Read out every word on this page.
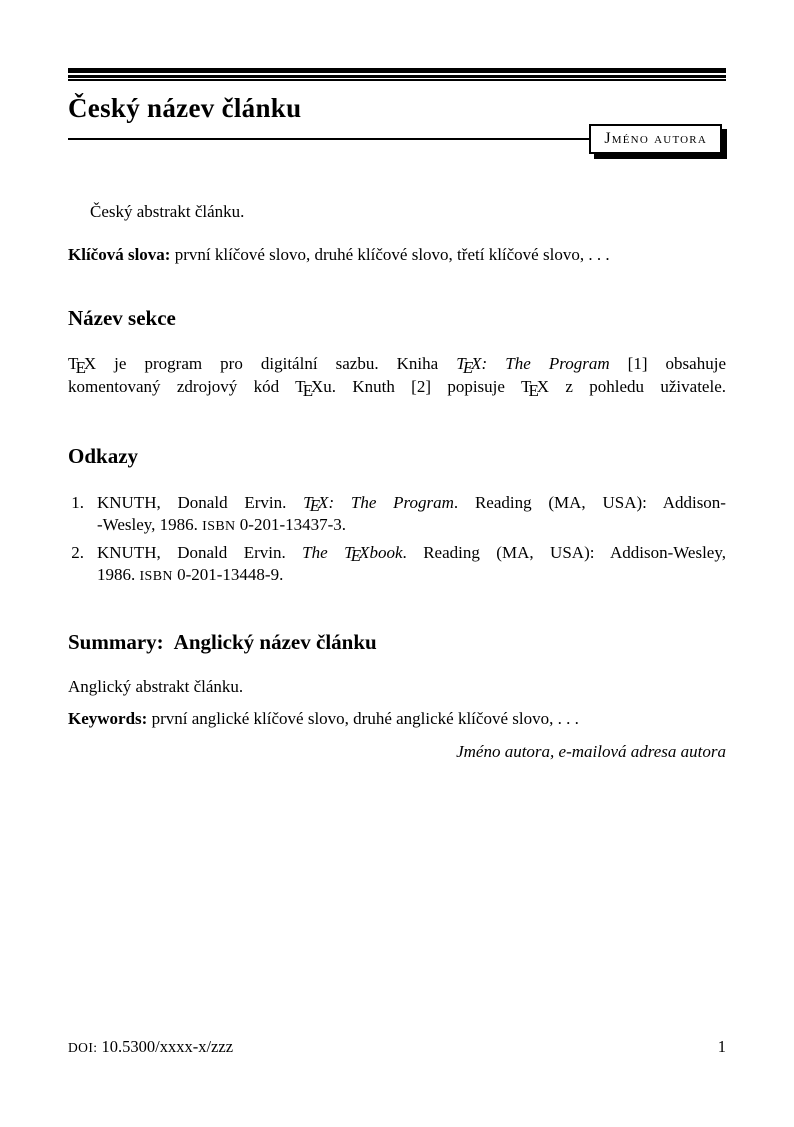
Český název článku
Jméno autora

Český abstrakt článku.

Klíčová slova: první klíčové slovo, druhé klíčové slovo, třetí klíčové slovo, . . .

Název sekce
TEX je program pro digitální sazbu. Kniha TEX: The Program [1] obsahuje
komentovaný zdrojový kód TEXu. Knuth [2] popisuje TEX z pohledu uživatele.
Odkazy
1. KNUTH, Donald Ervin. TEX: The Program. Reading (MA, USA): Addison-
-Wesley, 1986. ISBN 0-201-13437-3.
2. KNUTH, Donald Ervin. The TEXbook. Reading (MA, USA): Addison-Wesley,
1986. ISBN 0-201-13448-9.
Summary: Anglický název článku

Anglický abstrakt článku.

Keywords: první anglické klíčové slovo, druhé anglické klíčové slovo, . . .

Jméno autora, e-mailová adresa autora

DOI: 10.5300/xxxx-x/zzz	1
